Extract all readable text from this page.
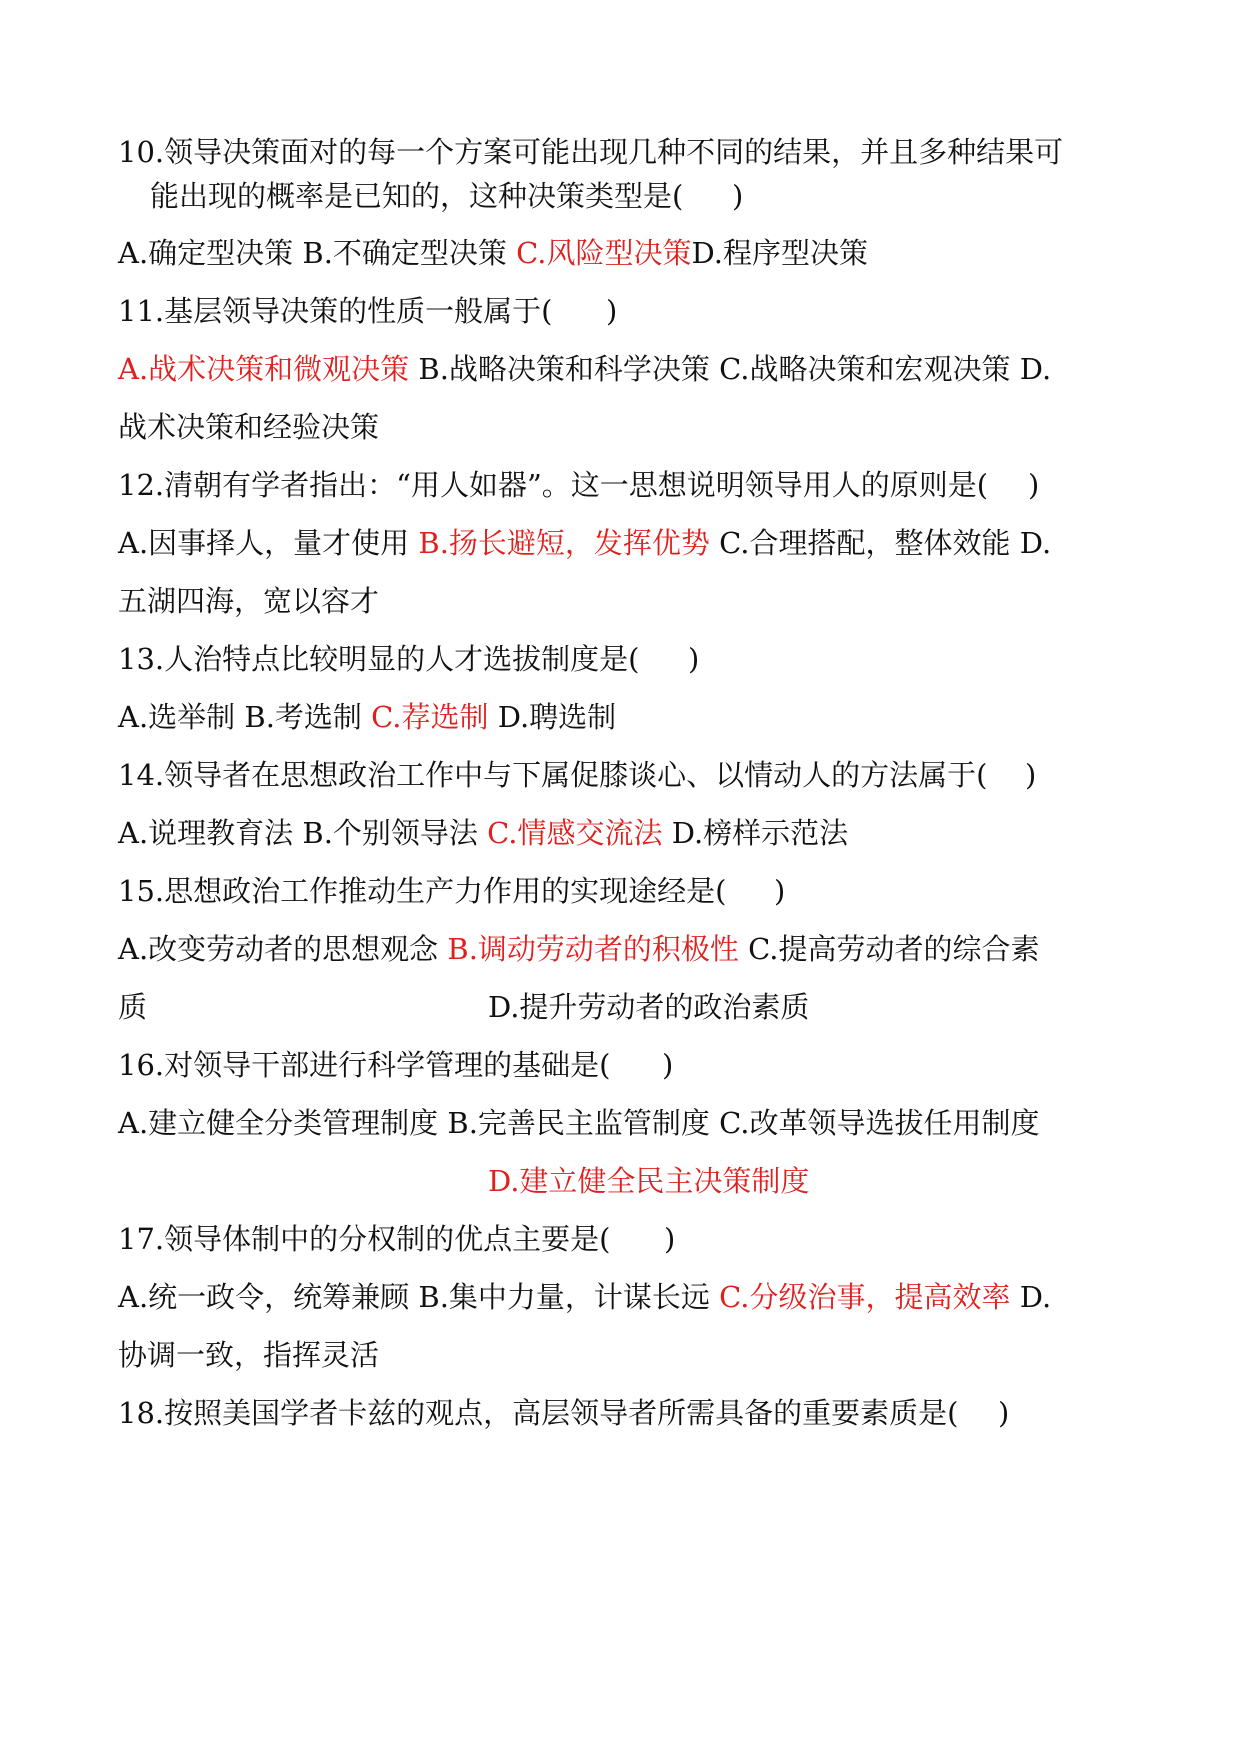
10.领导决策面对的每一个方案可能出现几种不同的结果，并且多种结果可
能出现的概率是已知的，这种决策类型是( )
A.确定型决策 B.不确定型决策 C.风险型决策D.程序型决策
11.基层领导决策的性质一般属于( )
A.战术决策和微观决策 B.战略决策和科学决策 C.战略决策和宏观决策 D.
战术决策和经验决策
12.清朝有学者指出：“用人如器”。这一思想说明领导用人的原则是( )
A.因事择人，量才使用 B.扬长避短，发挥优势 C.合理搭配，整体效能 D.
五湖四海，宽以容才
13.人治特点比较明显的人才选拔制度是( )
A.选举制 B.考选制 C.荐选制 D.聘选制
14.领导者在思想政治工作中与下属促膝谈心、以情动人的方法属于( )
A.说理教育法 B.个别领导法 C.情感交流法 D.榜样示范法
15.思想政治工作推动生产力作用的实现途经是( )
A.改变劳动者的思想观念 B.调动劳动者的积极性 C.提高劳动者的综合素
质	D.提升劳动者的政治素质
16.对领导干部进行科学管理的基础是( )
A.建立健全分类管理制度 B.完善民主监管制度 C.改革领导选拔任用制度
D.建立健全民主决策制度
17.领导体制中的分权制的优点主要是( )
A.统一政令，统筹兼顾 B.集中力量，计谋长远 C.分级治事，提高效率 D.
协调一致，指挥灵活
18.按照美国学者卡兹的观点，高层领导者所需具备的重要素质是( )
